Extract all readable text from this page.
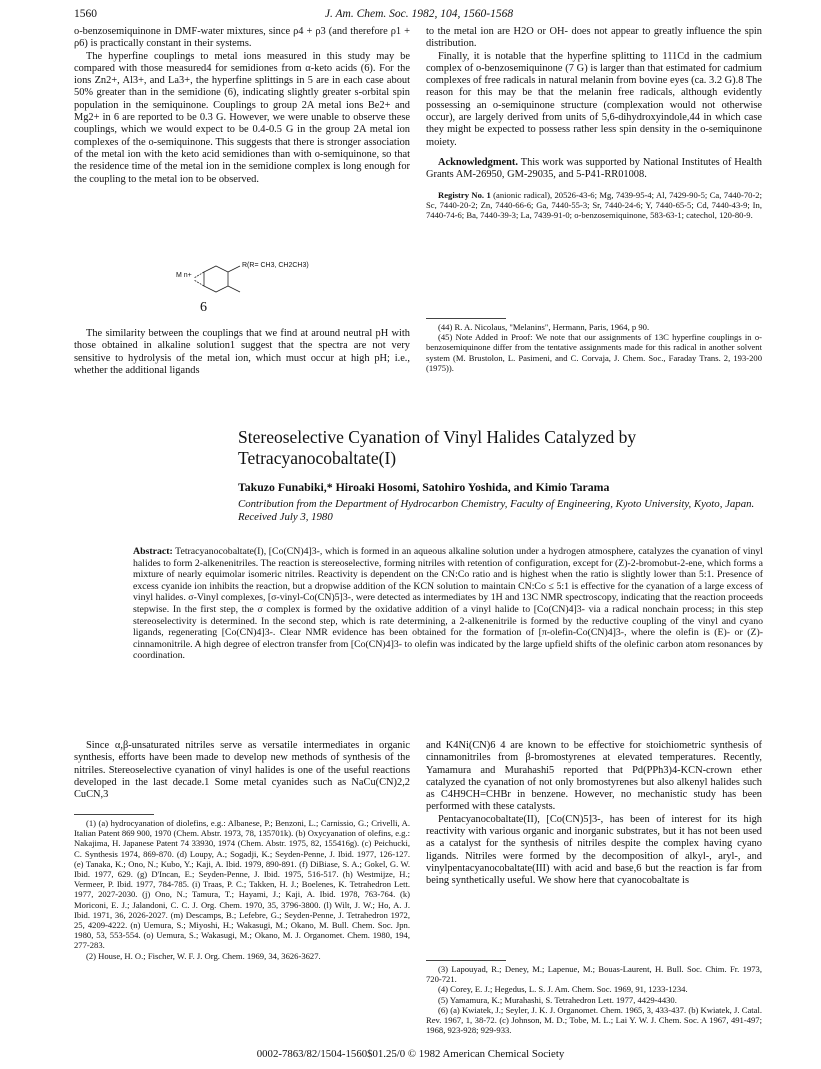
1560	J. Am. Chem. Soc. 1982, 104, 1560-1568

o-benzosemiquinone in DMF-water mixtures, since ρ4 + ρ3 (and therefore ρ1 + ρ6) is practically constant in their systems.

The hyperfine couplings to metal ions measured in this study may be compared with those measured4 for semidiones from α-keto acids (6). For the ions Zn2+, Al3+, and La3+, the hyperfine splittings in 5 are in each case about 50% greater than in the semidione (6), indicating slightly greater s-orbital spin population in the semiquinone. Couplings to group 2A metal ions Be2+ and Mg2+ in 6 are reported to be 0.3 G. However, we were unable to observe these couplings, which we would expect to be 0.4-0.5 G in the group 2A metal ion complexes of the o-semiquinone. This suggests that there is stronger association of the metal ion with the keto acid semidiones than with o-semiquinone, so that the residence time of the metal ion in the semidione complex is long enough for the coupling to the metal ion to be observed.

R(R= CH3, CH2CH3)
M n+
6

The similarity between the couplings that we find at around neutral pH with those obtained in alkaline solution1 suggest that the spectra are not very sensitive to hydrolysis of the metal ion, which must occur at high pH; i.e., whether the additional ligands

to the metal ion are H2O or OH- does not appear to greatly influence the spin distribution.

Finally, it is notable that the hyperfine splitting to 111Cd in the cadmium complex of o-benzosemiquinone (7 G) is larger than that estimated for cadmium complexes of free radicals in natural melanin from bovine eyes (ca. 3.2 G).8 The reason for this may be that the melanin free radicals, although evidently possessing an o-semiquinone structure (complexation would not otherwise occur), are largely derived from units of 5,6-dihydroxyindole,44 in which case they might be expected to possess rather less spin density in the o-semiquinone moiety.

Acknowledgment. This work was supported by National Institutes of Health Grants AM-26950, GM-29035, and 5-P41-RR01008.

Registry No. 1 (anionic radical), 20526-43-6; Mg, 7439-95-4; Al, 7429-90-5; Ca, 7440-70-2; Sc, 7440-20-2; Zn, 7440-66-6; Ga, 7440-55-3; Sr, 7440-24-6; Y, 7440-65-5; Cd, 7440-43-9; In, 7440-74-6; Ba, 7440-39-3; La, 7439-91-0; o-benzosemiquinone, 583-63-1; catechol, 120-80-9.

(44) R. A. Nicolaus, "Melanins", Hermann, Paris, 1964, p 90.

(45) Note Added in Proof: We note that our assignments of 13C hyperfine couplings in o-benzosemiquinone differ from the tentative assignments made for this radical in another solvent system (M. Brustolon, L. Pasimeni, and C. Corvaja, J. Chem. Soc., Faraday Trans. 2, 193-200 (1975)).

Stereoselective Cyanation of Vinyl Halides Catalyzed by Tetracyanocobaltate(I)
Takuzo Funabiki,* Hiroaki Hosomi, Satohiro Yoshida, and Kimio Tarama
Contribution from the Department of Hydrocarbon Chemistry, Faculty of Engineering, Kyoto University, Kyoto, Japan. Received July 3, 1980
Abstract: Tetracyanocobaltate(I), [Co(CN)4]3-, which is formed in an aqueous alkaline solution under a hydrogen atmosphere, catalyzes the cyanation of vinyl halides to form 2-alkenenitriles. The reaction is stereoselective, forming nitriles with retention of configuration, except for (Z)-2-bromobut-2-ene, which forms a mixture of nearly equimolar isomeric nitriles. Reactivity is dependent on the CN:Co ratio and is highest when the ratio is slightly lower than 5:1. Presence of excess cyanide ion inhibits the reaction, but a dropwise addition of the KCN solution to maintain CN:Co ≤ 5:1 is effective for the cyanation of a large excess of vinyl halides. σ-Vinyl complexes, [σ-vinyl-Co(CN)5]3-, were detected as intermediates by 1H and 13C NMR spectroscopy, indicating that the reaction proceeds stepwise. In the first step, the σ complex is formed by the oxidative addition of a vinyl halide to [Co(CN)4]3- via a radical nonchain process; in this step stereoselectivity is determined. In the second step, which is rate determining, a 2-alkenenitrile is formed by the reductive coupling of the vinyl and cyano ligands, regenerating [Co(CN)4]3-. Clear NMR evidence has been obtained for the formation of [π-olefin-Co(CN)4]3-, where the olefin is (E)- or (Z)-cinnamonitrile. A high degree of electron transfer from [Co(CN)4]3- to olefin was indicated by the large upfield shifts of the olefinic carbon atom resonances by coordination.

Since α,β-unsaturated nitriles serve as versatile intermediates in organic synthesis, efforts have been made to develop new methods of synthesis of the nitriles. Stereoselective cyanation of vinyl halides is one of the useful reactions developed in the last decade.1 Some metal cyanides such as NaCu(CN)2,2 CuCN,3

(1) (a) hydrocyanation of diolefins, e.g.: Albanese, P.; Benzoni, L.; Carnissio, G.; Crivelli, A. Italian Patent 869 900, 1970 (Chem. Abstr. 1973, 78, 135701k). (b) Oxycyanation of olefins, e.g.: Nakajima, H. Japanese Patent 74 33930, 1974 (Chem. Abstr. 1975, 82, 155416g). (c) Peichucki, C. Synthesis 1974, 869-870. (d) Loupy, A.; Sogadji, K.; Seyden-Penne, J. Ibid. 1977, 126-127. (e) Tanaka, K.; Ono, N.; Kubo, Y.; Kaji, A. Ibid. 1979, 890-891. (f) DiBiase, S. A.; Gokel, G. W. Ibid. 1977, 629. (g) D'Incan, E.; Seyden-Penne, J. Ibid. 1975, 516-517. (h) Westmijze, H.; Vermeer, P. Ibid. 1977, 784-785. (i) Traas, P. C.; Takken, H. J.; Boelenes, K. Tetrahedron Lett. 1977, 2027-2030. (j) Ono, N.; Tamura, T.; Hayami, J.; Kaji, A. Ibid. 1978, 763-764. (k) Moriconi, E. J.; Jalandoni, C. C. J. Org. Chem. 1970, 35, 3796-3800. (l) Wilt, J. W.; Ho, A. J. Ibid. 1971, 36, 2026-2027. (m) Descamps, B.; Lefebre, G.; Seyden-Penne, J. Tetrahedron 1972, 25, 4209-4222. (n) Uemura, S.; Miyoshi, H.; Wakasugi, M.; Okano, M. Bull. Chem. Soc. Jpn. 1980, 53, 553-554. (o) Uemura, S.; Wakasugi, M.; Okano, M. J. Organomet. Chem. 1980, 194, 277-283.

(2) House, H. O.; Fischer, W. F. J. Org. Chem. 1969, 34, 3626-3627.

and K4Ni(CN)6 4 are known to be effective for stoichiometric synthesis of cinnamonitriles from β-bromostyrenes at elevated temperatures. Recently, Yamamura and Murahashi5 reported that Pd(PPh3)4-KCN-crown ether catalyzed the cyanation of not only bromostyrenes but also alkenyl halides such as C4H9CH=CHBr in benzene. However, no mechanistic study has been performed with these catalysts.

Pentacyanocobaltate(II), [Co(CN)5]3-, has been of interest for its high reactivity with various organic and inorganic substrates, but it has not been used as a catalyst for the synthesis of nitriles despite the complex having cyano ligands. Nitriles were formed by the decomposition of alkyl-, aryl-, and vinylpentacyanocobaltate(III) with acid and base,6 but the reaction is far from being synthetically useful. We show here that cyanocobaltate is

(3) Lapouyad, R.; Deney, M.; Lapenue, M.; Bouas-Laurent, H. Bull. Soc. Chim. Fr. 1973, 720-721.

(4) Corey, E. J.; Hegedus, L. S. J. Am. Chem. Soc. 1969, 91, 1233-1234.

(5) Yamamura, K.; Murahashi, S. Tetrahedron Lett. 1977, 4429-4430.

(6) (a) Kwiatek, J.; Seyler, J. K. J. Organomet. Chem. 1965, 3, 433-437. (b) Kwiatek, J. Catal. Rev. 1967, 1, 38-72. (c) Johnson, M. D.; Tobe, M. L.; Lai Y. W. J. Chem. Soc. A 1967, 491-497; 1968, 923-928; 929-933.

0002-7863/82/1504-1560$01.25/0 © 1982 American Chemical Society
